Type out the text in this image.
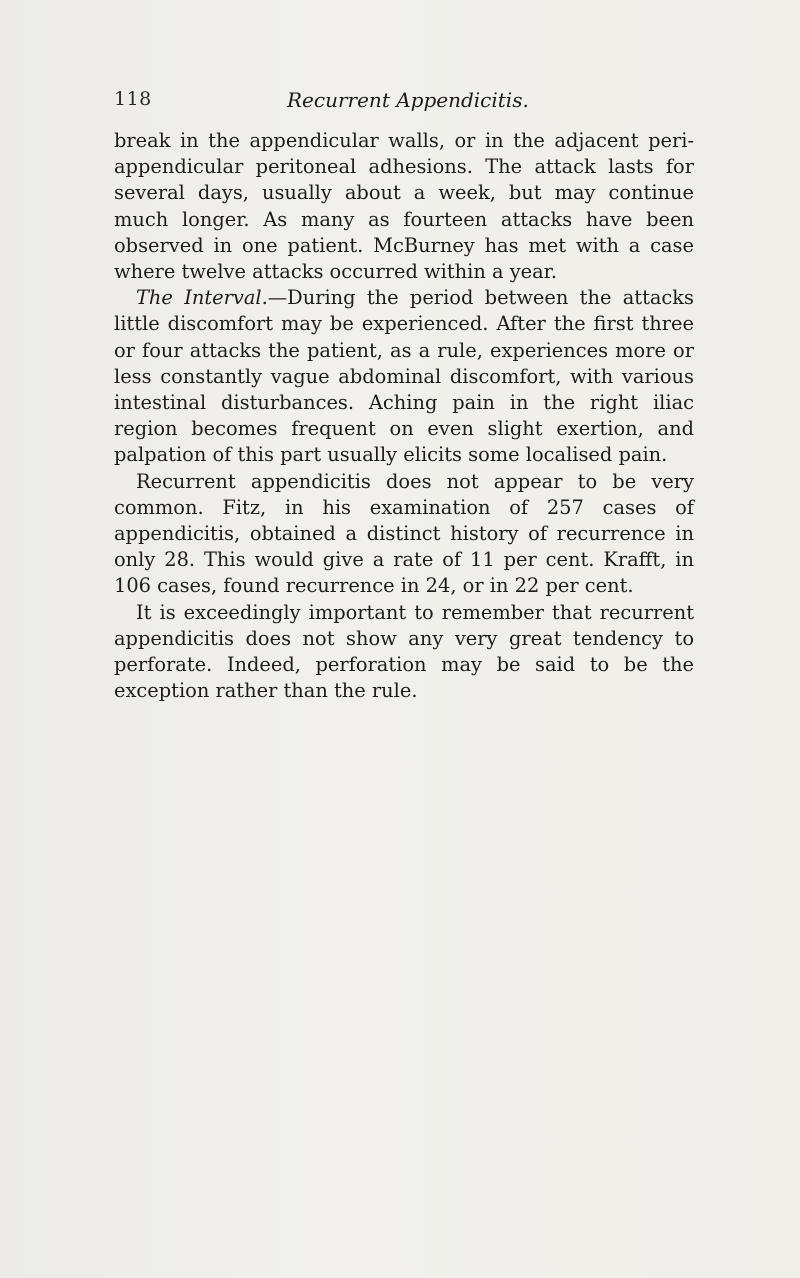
118	Recurrent Appendicitis.

break in the appendicular walls, or in the adjacent peri-appendicular peritoneal adhesions. The attack lasts for several days, usually about a week, but may continue much longer. As many as fourteen attacks have been observed in one patient. McBurney has met with a case where twelve attacks occurred within a year.

The Interval.—During the period between the attacks little discomfort may be experienced. After the first three or four attacks the patient, as a rule, experiences more or less constantly vague abdominal discomfort, with various intestinal disturbances. Aching pain in the right iliac region becomes frequent on even slight exertion, and palpation of this part usually elicits some localised pain.

Recurrent appendicitis does not appear to be very common. Fitz, in his examination of 257 cases of appendicitis, obtained a distinct history of recurrence in only 28. This would give a rate of 11 per cent. Krafft, in 106 cases, found recurrence in 24, or in 22 per cent.

It is exceedingly important to remember that recurrent appendicitis does not show any very great tendency to perforate. Indeed, perforation may be said to be the exception rather than the rule.
